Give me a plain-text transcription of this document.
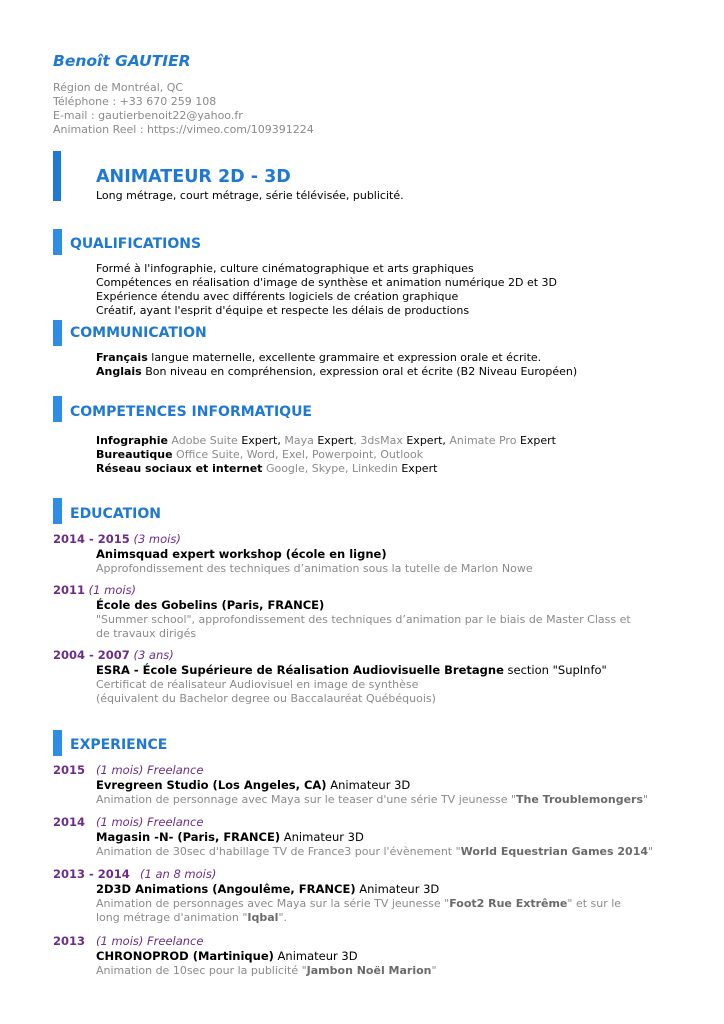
Benoît GAUTIER
Région de Montréal, QC
Téléphone : +33 670 259 108
E-mail : gautierbenoit22@yahoo.fr
Animation Reel : https://vimeo.com/109391224
ANIMATEUR 2D - 3D
Long métrage, court métrage, série télévisée, publicité.
QUALIFICATIONS
Formé à l'infographie, culture cinématographique et arts graphiques
Compétences en réalisation d'image de synthèse et animation numérique 2D et 3D
Expérience étendu avec différents logiciels de création graphique
Créatif, ayant l'esprit d'équipe et respecte les délais de productions
COMMUNICATION
Français langue maternelle, excellente grammaire et expression orale et écrite.
Anglais Bon niveau en compréhension, expression oral et écrite (B2 Niveau Européen)
COMPETENCES INFORMATIQUE
Infographie Adobe Suite Expert, Maya Expert, 3dsMax Expert, Animate Pro Expert
Bureautique Office Suite, Word, Exel, Powerpoint, Outlook
Réseau sociaux et internet Google, Skype, Linkedin Expert
EDUCATION
2014 - 2015 (3 mois)
Animsquad expert workshop (école en ligne)
Approfondissement des techniques d’animation sous la tutelle de Marlon Nowe
2011 (1 mois)
École des Gobelins (Paris, FRANCE)
"Summer school", approfondissement des techniques d’animation par le biais de Master Class et de travaux dirigés
2004 - 2007 (3 ans)
ESRA - École Supérieure de Réalisation Audiovisuelle Bretagne section "SupInfo"
Certificat de réalisateur Audiovisuel en image de synthèse
(équivalent du Bachelor degree ou Baccalauréat Québéquois)
EXPERIENCE
2015 (1 mois) Freelance
Evregreen Studio (Los Angeles, CA) Animateur 3D
Animation de personnage avec Maya sur le teaser d'une série TV jeunesse "The Troublemongers"
2014 (1 mois) Freelance
Magasin -N- (Paris, FRANCE) Animateur 3D
Animation de 30sec d'habillage TV de France3 pour l'évènement "World Equestrian Games 2014"
2013 - 2014 (1 an 8 mois)
2D3D Animations (Angoulême, FRANCE) Animateur 3D
Animation de personnages avec Maya sur la série TV jeunesse "Foot2 Rue Extrême" et sur le long métrage d'animation "Iqbal".
2013 (1 mois) Freelance
CHRONOPROD (Martinique) Animateur 3D
Animation de 10sec pour la publicité "Jambon Noël Marion"
